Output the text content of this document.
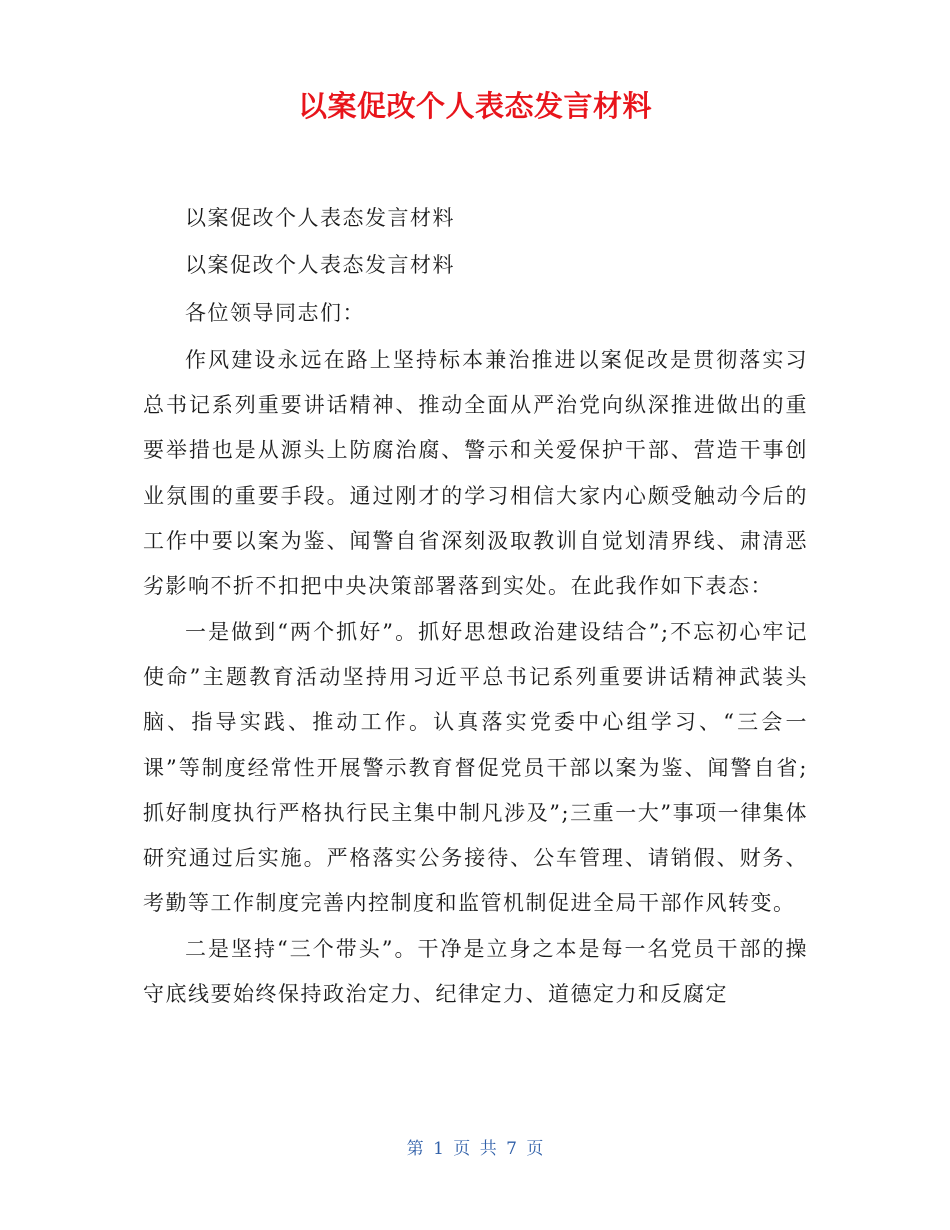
以案促改个人表态发言材料

以案促改个人表态发言材料

以案促改个人表态发言材料

各位领导同志们：

作风建设永远在路上坚持标本兼治推进以案促改是贯彻落实习总书记系列重要讲话精神、推动全面从严治党向纵深推进做出的重要举措也是从源头上防腐治腐、警示和关爱保护干部、营造干事创业氛围的重要手段。通过刚才的学习相信大家内心颇受触动今后的工作中要以案为鉴、闻警自省深刻汲取教训自觉划清界线、肃清恶劣影响不折不扣把中央决策部署落到实处。在此我作如下表态：

一是做到“两个抓好”。抓好思想政治建设结合”;不忘初心牢记使命”主题教育活动坚持用习近平总书记系列重要讲话精神武装头脑、指导实践、推动工作。认真落实党委中心组学习、“三会一课”等制度经常性开展警示教育督促党员干部以案为鉴、闻警自省;抓好制度执行严格执行民主集中制凡涉及”;三重一大”事项一律集体研究通过后实施。严格落实公务接待、公车管理、请销假、财务、考勤等工作制度完善内控制度和监管机制促进全局干部作风转变。

二是坚持“三个带头”。干净是立身之本是每一名党员干部的操守底线要始终保持政治定力、纪律定力、道德定力和反腐定

第 1 页 共 7 页
